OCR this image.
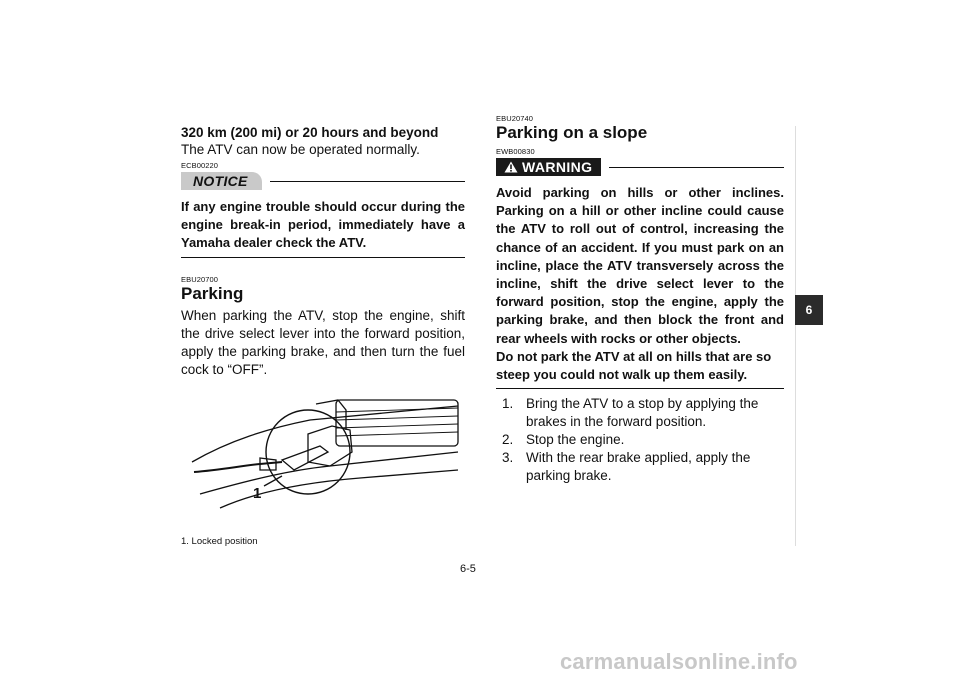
320 km (200 mi) or 20 hours and beyond
The ATV can now be operated normally.
ECB00220
NOTICE
If any engine trouble should occur during the engine break-in period, immediately have a Yamaha dealer check the ATV.
EBU20700
Parking
When parking the ATV, stop the engine, shift the drive select lever into the forward position, apply the parking brake, and then turn the fuel cock to “OFF”.
1
1. Locked position
EBU20740
Parking on a slope
EWB00830
WARNING
Avoid parking on hills or other inclines. Parking on a hill or other incline could cause the ATV to roll out of control, increasing the chance of an accident. If you must park on an incline, place the ATV transversely across the incline, shift the drive select lever to the forward position, stop the engine, apply the parking brake, and then block the front and rear wheels with rocks or other objects.
Do not park the ATV at all on hills that are so steep you could not walk up them easily.
1. Bring the ATV to a stop by applying the brakes in the forward position.
2. Stop the engine.
3. With the rear brake applied, apply the parking brake.
6
6-5
carmanualsonline.info
